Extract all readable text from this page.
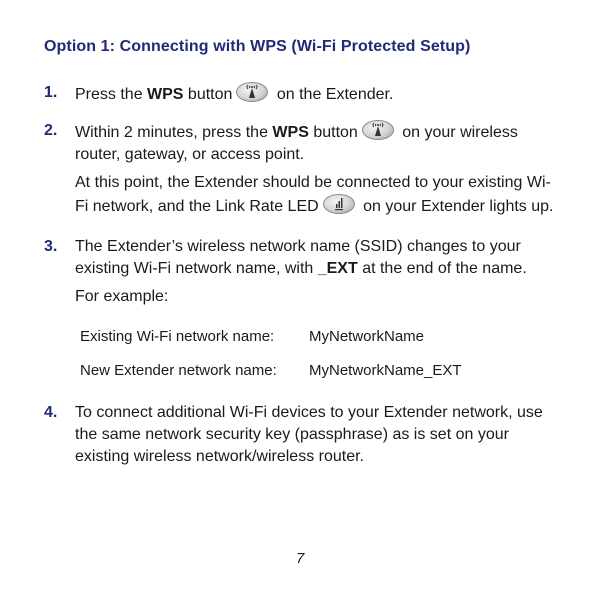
Option 1: Connecting with WPS (Wi-Fi Protected Setup)
1. Press the WPS button	on the Extender.

2. Within 2 minutes, press the WPS button	on your wireless router, gateway, or access point.

At this point, the Extender should be connected to your existing Wi-Fi network, and the Link Rate LED	on your Extender lights up.

3. The Extender’s wireless network name (SSID) changes to your existing Wi-Fi network name, with _EXT at the end of the name.

For example:

Existing Wi-Fi network name:	MyNetworkName
New Extender network name:	MyNetworkName_EXT
4. To connect additional Wi-Fi devices to your Extender network, use the same network security key (passphrase) as is set on your existing wireless network/wireless router.

7
